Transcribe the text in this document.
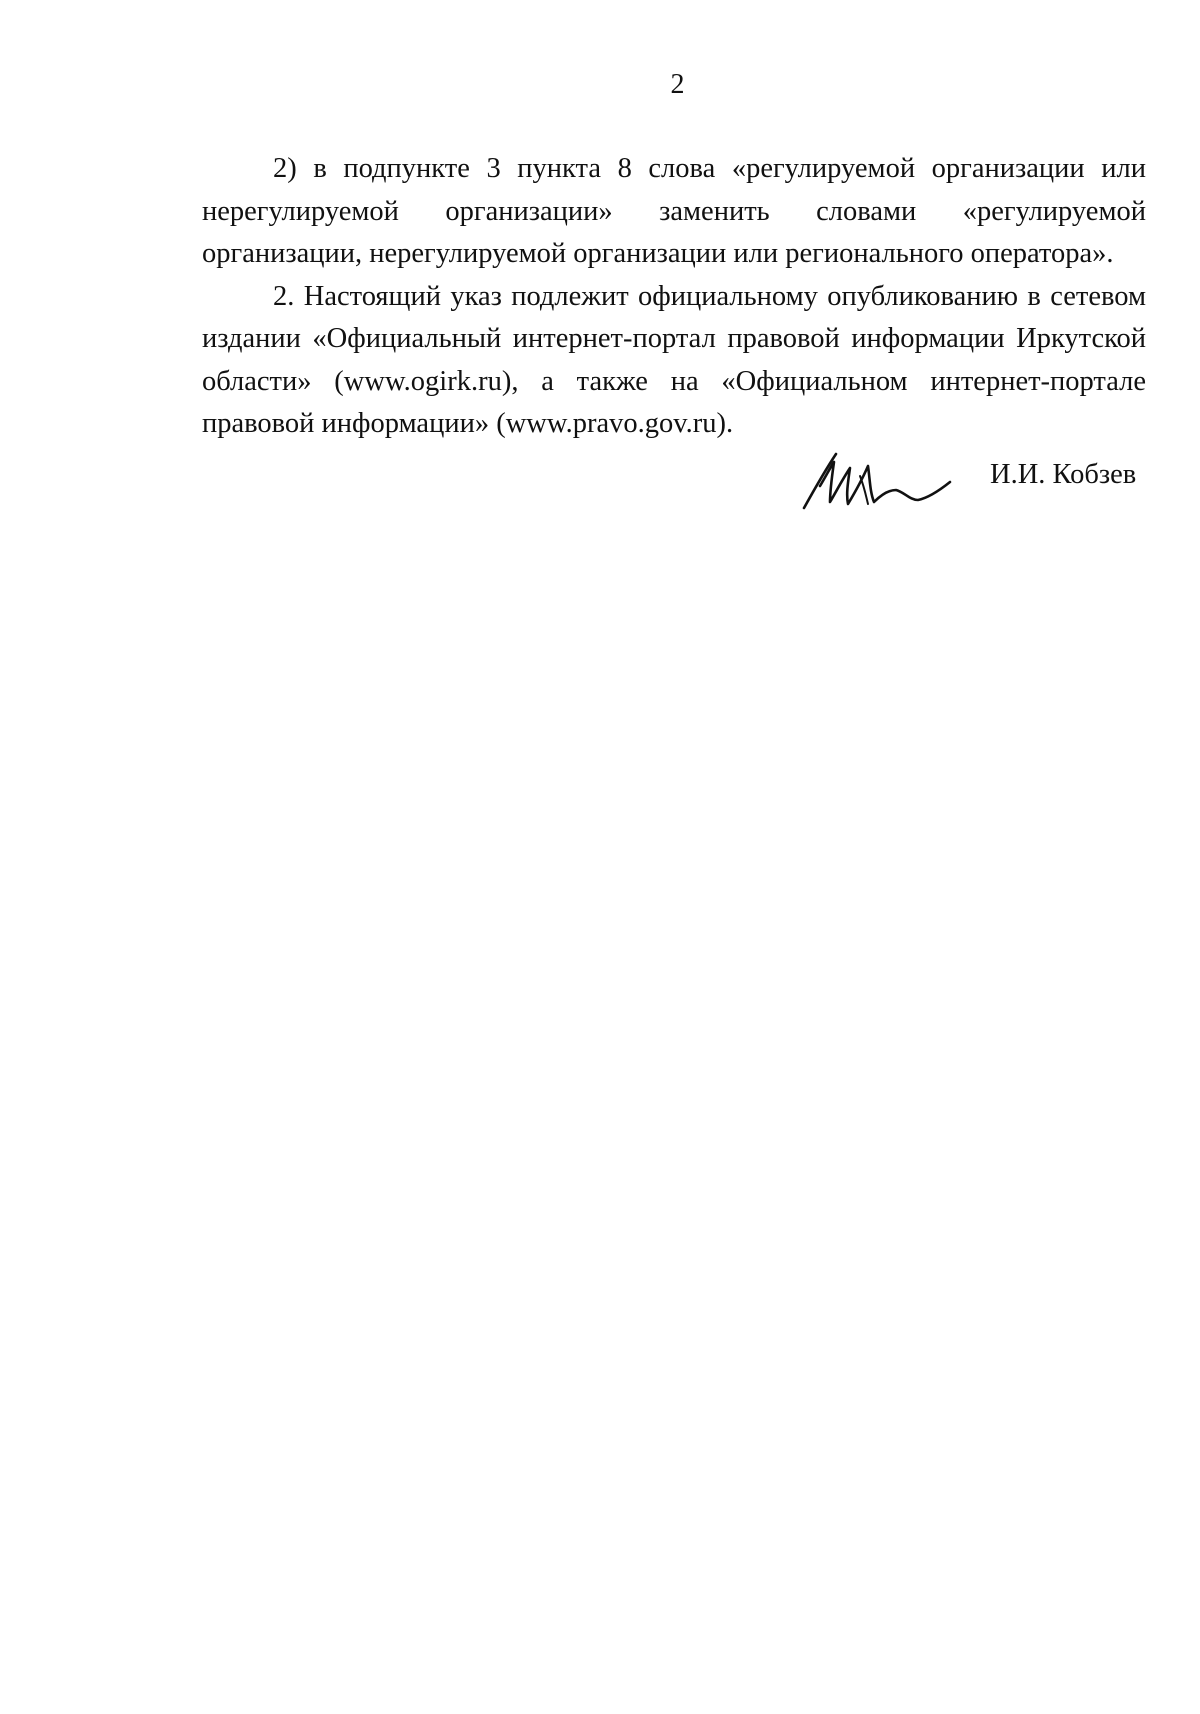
2

2) в подпункте 3 пункта 8 слова «регулируемой организации или нерегулируемой организации» заменить словами «регулируемой организации, нерегулируемой организации или регионального оператора».

2. Настоящий указ подлежит официальному опубликованию в сетевом издании «Официальный интернет-портал правовой информации Иркутской области» (www.ogirk.ru), а также на «Официальном интернет-портале правовой информации» (www.pravo.gov.ru).

И.И. Кобзев
